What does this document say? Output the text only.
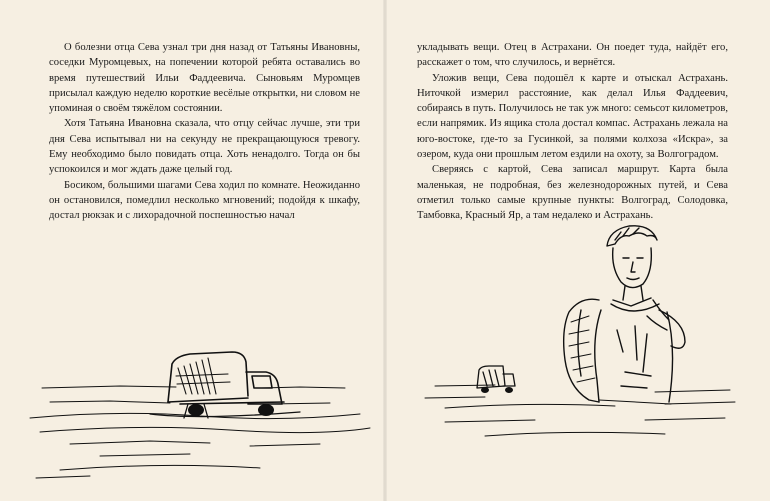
О болезни отца Сева узнал три дня назад от Татьяны Ивановны, соседки Муромцевых, на попечении которой ребята оставались во время путешествий Ильи Фаддеевича. Сыновьям Муромцев присылал каждую неделю короткие весёлые открытки, ни словом не упоминая о своём тяжёлом состоянии.

Хотя Татьяна Ивановна сказала, что отцу сейчас лучше, эти три дня Сева испытывал ни на секунду не прекращающуюся тревогу. Ему необходимо было повидать отца. Хоть ненадолго. Тогда он бы успокоился и мог ждать даже целый год.

Босиком, большими шагами Сева ходил по комнате. Неожиданно он остановился, помедлил несколько мгновений; подойдя к шкафу, достал рюкзак и с лихорадочной поспешностью начал

укладывать вещи. Отец в Астрахани. Он поедет туда, найдёт его, расскажет о том, что случилось, и вернётся.

Уложив вещи, Сева подошёл к карте и отыскал Астрахань. Ниточкой измерил расстояние, как делал Илья Фаддеевич, собираясь в путь. Получилось не так уж много: семьсот километров, если напрямик. Из ящика стола достал компас. Астрахань лежала на юго-востоке, где-то за Гусинкой, за полями колхоза «Искра», за озером, куда они прошлым летом ездили на охоту, за Волгоградом.

Сверяясь с картой, Сева записал маршрут. Карта была маленькая, не подробная, без железнодорожных путей, и Сева отметил только самые крупные пункты: Волгоград, Солодовка, Тамбовка, Красный Яр, а там недалеко и Астрахань.
